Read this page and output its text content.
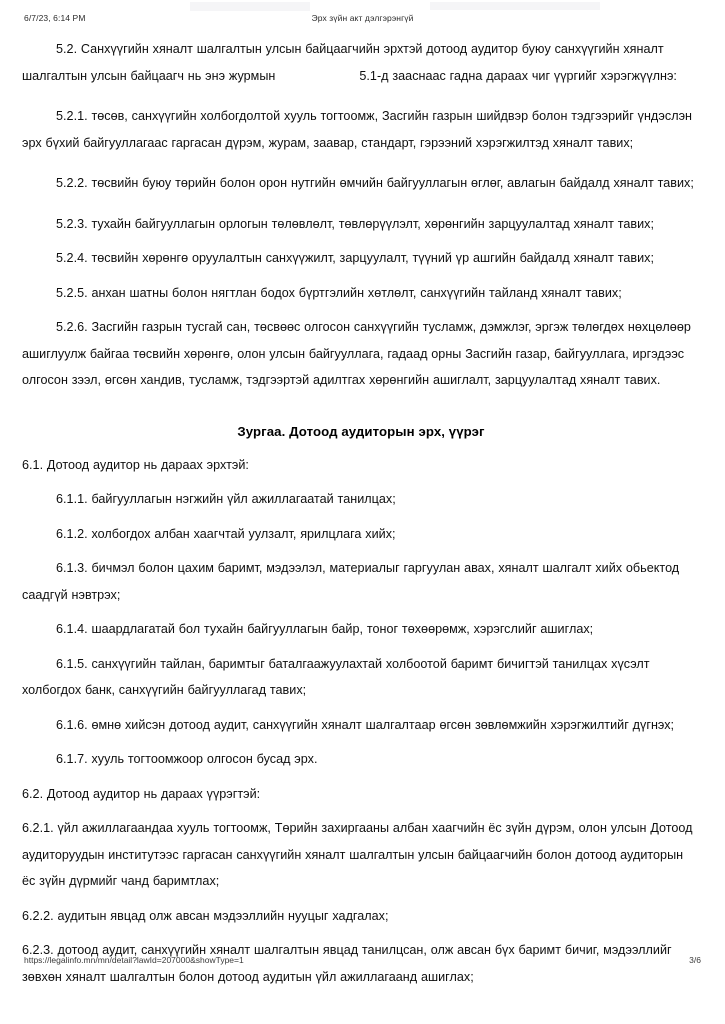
6/7/23, 6:14 PM	Эрх зүйн акт дэлгэрэнгүй

5.2. Санхүүгийн хяналт шалгалтын улсын байцаагчийн эрхтэй дотоод аудитор буюу санхүүгийн хяналт

шалгалтын улсын байцаагч нь энэ журмын	5.1-д зааснаас гадна дараах чиг үүргийг хэрэгжүүлнэ:

5.2.1. төсөв, санхүүгийн холбогдолтой хууль тогтоомж, Засгийн газрын шийдвэр болон тэдгээрийг үндэслэн эрх бүхий байгууллагаас гаргасан дүрэм, журам, заавар, стандарт, гэрээний хэрэгжилтэд хяналт тавих;

5.2.2. төсвийн буюу төрийн болон орон нутгийн өмчийн байгууллагын өглөг, авлагын байдалд хяналт тавих;

5.2.3. тухайн байгууллагын орлогын төлөвлөлт, төвлөрүүлэлт, хөрөнгийн зарцуулалтад хяналт тавих;

5.2.4. төсвийн хөрөнгө оруулалтын санхүүжилт, зарцуулалт, түүний үр ашгийн байдалд хяналт тавих;

5.2.5. анхан шатны болон нягтлан бодох бүртгэлийн хөтлөлт, санхүүгийн тайланд хяналт тавих;

5.2.6. Засгийн газрын тусгай сан, төсвөөс олгосон санхүүгийн тусламж, дэмжлэг, эргэж төлөгдөх нөхцөлөөр ашиглуулж байгаа төсвийн хөрөнгө, олон улсын байгууллага, гадаад орны Засгийн газар, байгууллага, иргэдээс олгосон зээл, өгсөн хандив, тусламж, тэдгээртэй адилтгах хөрөнгийн ашиглалт, зарцуулалтад хяналт тавих.

Зургаа. Дотоод аудиторын эрх, үүрэг

6.1. Дотоод аудитор нь дараах эрхтэй:

6.1.1. байгууллагын нэгжийн үйл ажиллагаатай танилцах;

6.1.2. холбогдох албан хаагчтай уулзалт, ярилцлага хийх;

6.1.3. бичмэл болон цахим баримт, мэдээлэл, материалыг гаргуулан авах, хяналт шалгалт хийх обьектод саадгүй нэвтрэх;

6.1.4. шаардлагатай бол тухайн байгууллагын байр, тоног төхөөрөмж, хэрэгслийг ашиглах;

6.1.5. санхүүгийн тайлан, баримтыг баталгаажуулахтай холбоотой баримт бичигтэй танилцах хүсэлт холбогдох банк, санхүүгийн байгууллагад тавих;

6.1.6. өмнө хийсэн дотоод аудит, санхүүгийн хяналт шалгалтаар өгсөн зөвлөмжийн хэрэгжилтийг дүгнэх;

6.1.7. хууль тогтоомжоор олгосон бусад эрх.

6.2. Дотоод аудитор нь дараах үүрэгтэй:

6.2.1. үйл ажиллагаандаа хууль тогтоомж, Төрийн захиргааны албан хаагчийн ёс зүйн дүрэм, олон улсын Дотоод аудиторуудын институтээс гаргасан санхүүгийн хяналт шалгалтын улсын байцаагчийн болон дотоод аудиторын ёс зүйн дүрмийг чанд баримтлах;

6.2.2. аудитын явцад олж авсан мэдээллийн нууцыг хадгалах;

6.2.3. дотоод аудит, санхүүгийн хяналт шалгалтын явцад танилцсан, олж авсан бүх баримт бичиг, мэдээллийг зөвхөн хяналт шалгалтын болон дотоод аудитын үйл ажиллагаанд ашиглах;

https://legalinfo.mn/mn/detail?lawId=207000&showType=1	3/6
